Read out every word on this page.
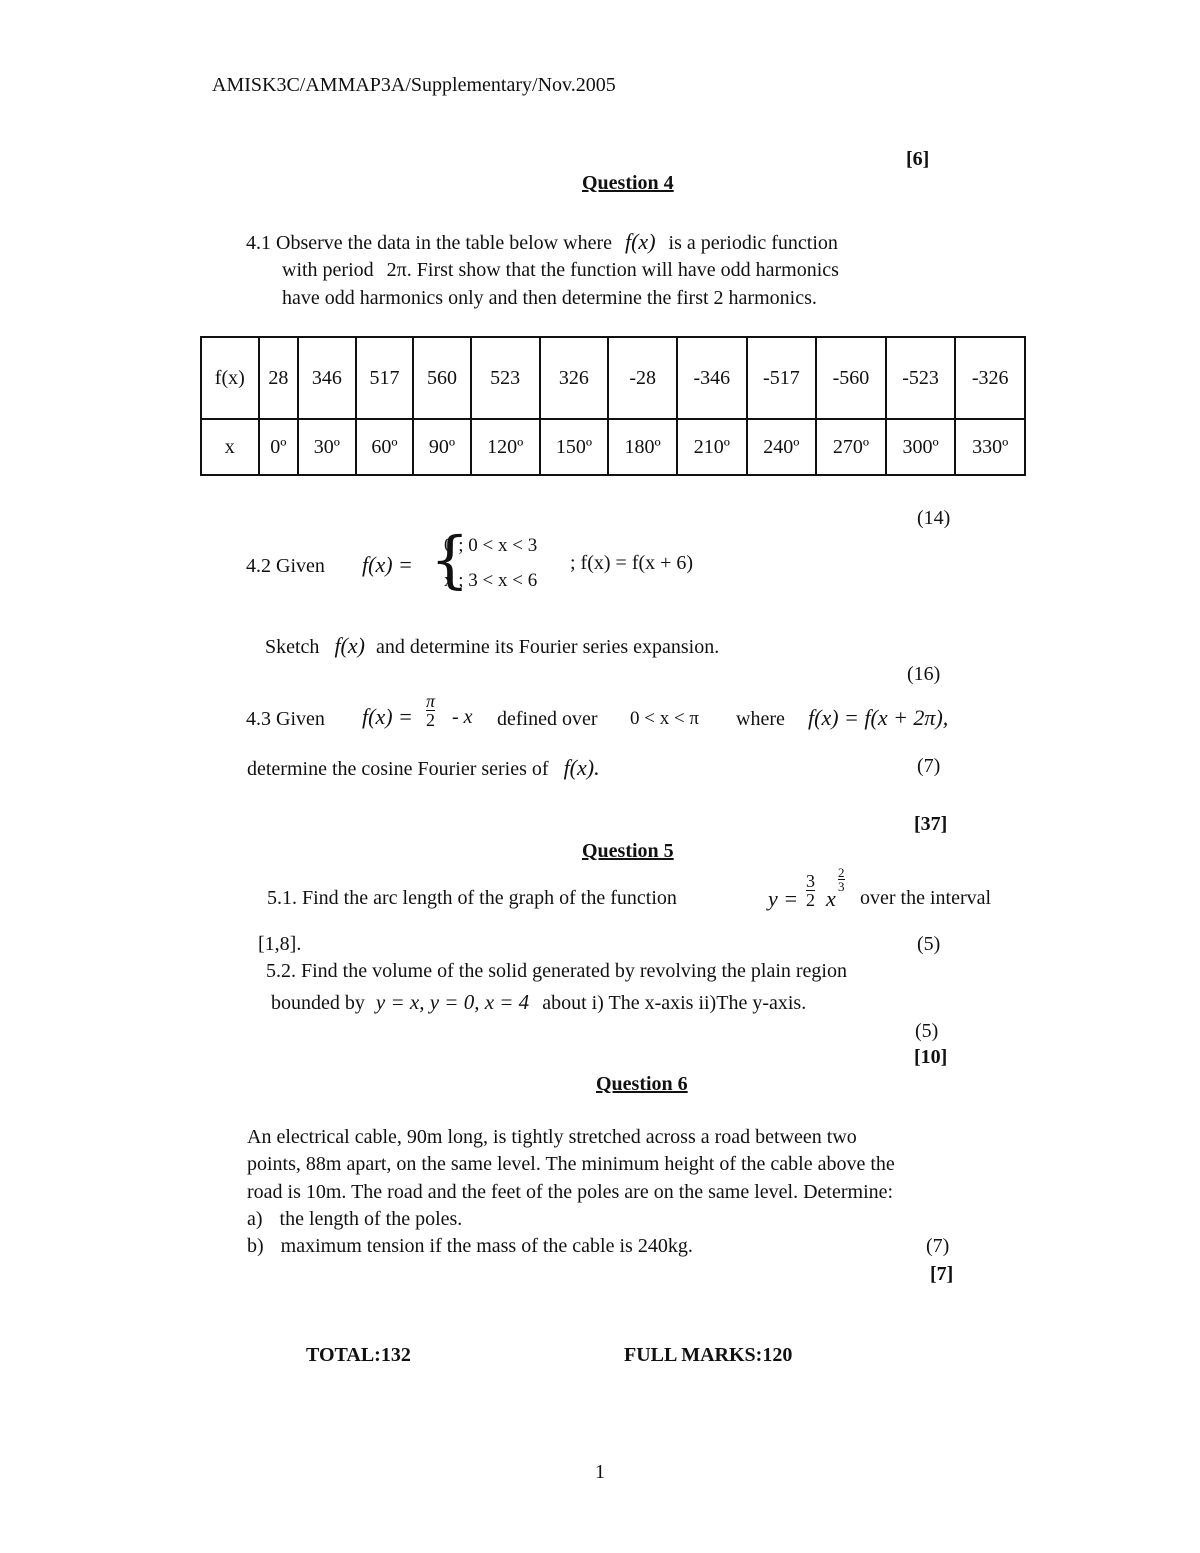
AMISK3C/AMMAP3A/Supplementary/Nov.2005
[6]
Question 4
4.1 Observe the data in the table below where f(x) is a periodic function
with period 2π. First show that the function will have odd harmonics
have odd harmonics only and then determine the first 2 harmonics.
f(x)	28	346	517	560	523	326	-28	-346	-517	-560	-523	-326
x	0º	30º	60º	90º	120º	150º	180º	210º	240º	270º	300º	330º
(14)
4.2 Given f(x) = {
0 ; 0 < x < 3
x ; 3 < x < 6
; f(x) = f(x + 6)
Sketch f(x) and determine its Fourier series expansion.
(16)
4.3 Given $f(x) = \frac{\pi}{2} - x$ defined over 0 < x < π where f(x) = f(x + 2π),
determine the cosine Fourier series of f(x).	(7)
[37]
Question 5
5.1. Find the arc length of the graph of the function	$y = \frac{3}{2}$ x
$\frac{2}{3}$
over the interval
[1,8].	(5)
5.2. Find the volume of the solid generated by revolving the plain region
bounded by y = x, y = 0, x = 4 about i) The x-axis ii)The y-axis.
(5)
[10]
Question 6
An electrical cable, 90m long, is tightly stretched across a road between two
points, 88m apart, on the same level. The minimum height of the cable above the
road is 10m. The road and the feet of the poles are on the same level. Determine:
a) the length of the poles.
b) maximum tension if the mass of the cable is 240kg.	(7)
[7]
TOTAL:132	FULL MARKS:120
1
